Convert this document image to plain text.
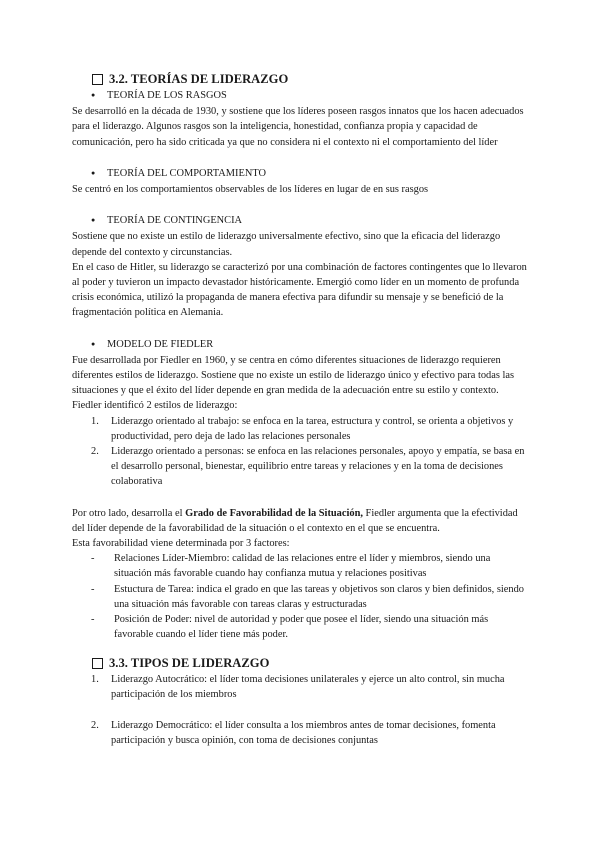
3.2. TEORÍAS DE LIDERAZGO
●
TEORÍA DE LOS RASGOS

Se desarrolló en la década de 1930, y sostiene que los líderes poseen rasgos innatos que los hacen adecuados para el liderazgo. Algunos rasgos son la inteligencia, honestidad, confianza propia y capacidad de comunicación, pero ha sido criticada ya que no considera ni el contexto ni el comportamiento del líder

●
TEORÍA DEL COMPORTAMIENTO

Se centró en los comportamientos observables de los líderes en lugar de en sus rasgos

●
TEORÍA DE CONTINGENCIA

Sostiene que no existe un estilo de liderazgo universalmente efectivo, sino que la eficacia del liderazgo depende del contexto y circunstancias.

En el caso de Hitler, su liderazgo se caracterizó por una combinación de factores contingentes que lo llevaron al poder y tuvieron un impacto devastador históricamente. Emergió como líder en un momento de profunda crisis económica, utilizó la propaganda de manera efectiva para difundir su mensaje y se benefició de la fragmentación política en Alemania.

●
MODELO DE FIEDLER

Fue desarrollada por Fiedler en 1960, y se centra en cómo diferentes situaciones de liderazgo requieren diferentes estilos de liderazgo. Sostiene que no existe un estilo de liderazgo único y efectivo para todas las situaciones y que el éxito del líder depende en gran medida de la adecuación entre su estilo y contexto.

Fiedler identificó 2 estilos de liderazgo:

1.	Liderazgo orientado al trabajo: se enfoca en la tarea, estructura y control, se orienta a objetivos y productividad, pero deja de lado las relaciones personales
2.	Liderazgo orientado a personas: se enfoca en las relaciones personales, apoyo y empatía, se basa en el desarrollo personal, bienestar, equilibrio entre tareas y relaciones y en la toma de decisiones colaborativa

Por otro lado, desarrolla el Grado de Favorabilidad de la Situación, Fiedler argumenta que la efectividad del líder depende de la favorabilidad de la situación o el contexto en el que se encuentra.

Esta favorabilidad viene determinada por 3 factores:

-	Relaciones Líder-Miembro: calidad de las relaciones entre el líder y miembros, siendo una situación más favorable cuando hay confianza mutua y relaciones positivas
-	Estuctura de Tarea: indica el grado en que las tareas y objetivos son claros y bien definidos, siendo una situación más favorable con tareas claras y estructuradas
-	Posición de Poder: nivel de autoridad y poder que posee el líder, siendo una situación más favorable cuando el líder tiene más poder.
3.3. TIPOS DE LIDERAZGO
1.	Liderazgo Autocrático: el líder toma decisiones unilaterales y ejerce un alto control, sin mucha participación de los miembros
2.	Liderazgo Democrático: el líder consulta a los miembros antes de tomar decisiones, fomenta participación y busca opinión, con toma de decisiones conjuntas
